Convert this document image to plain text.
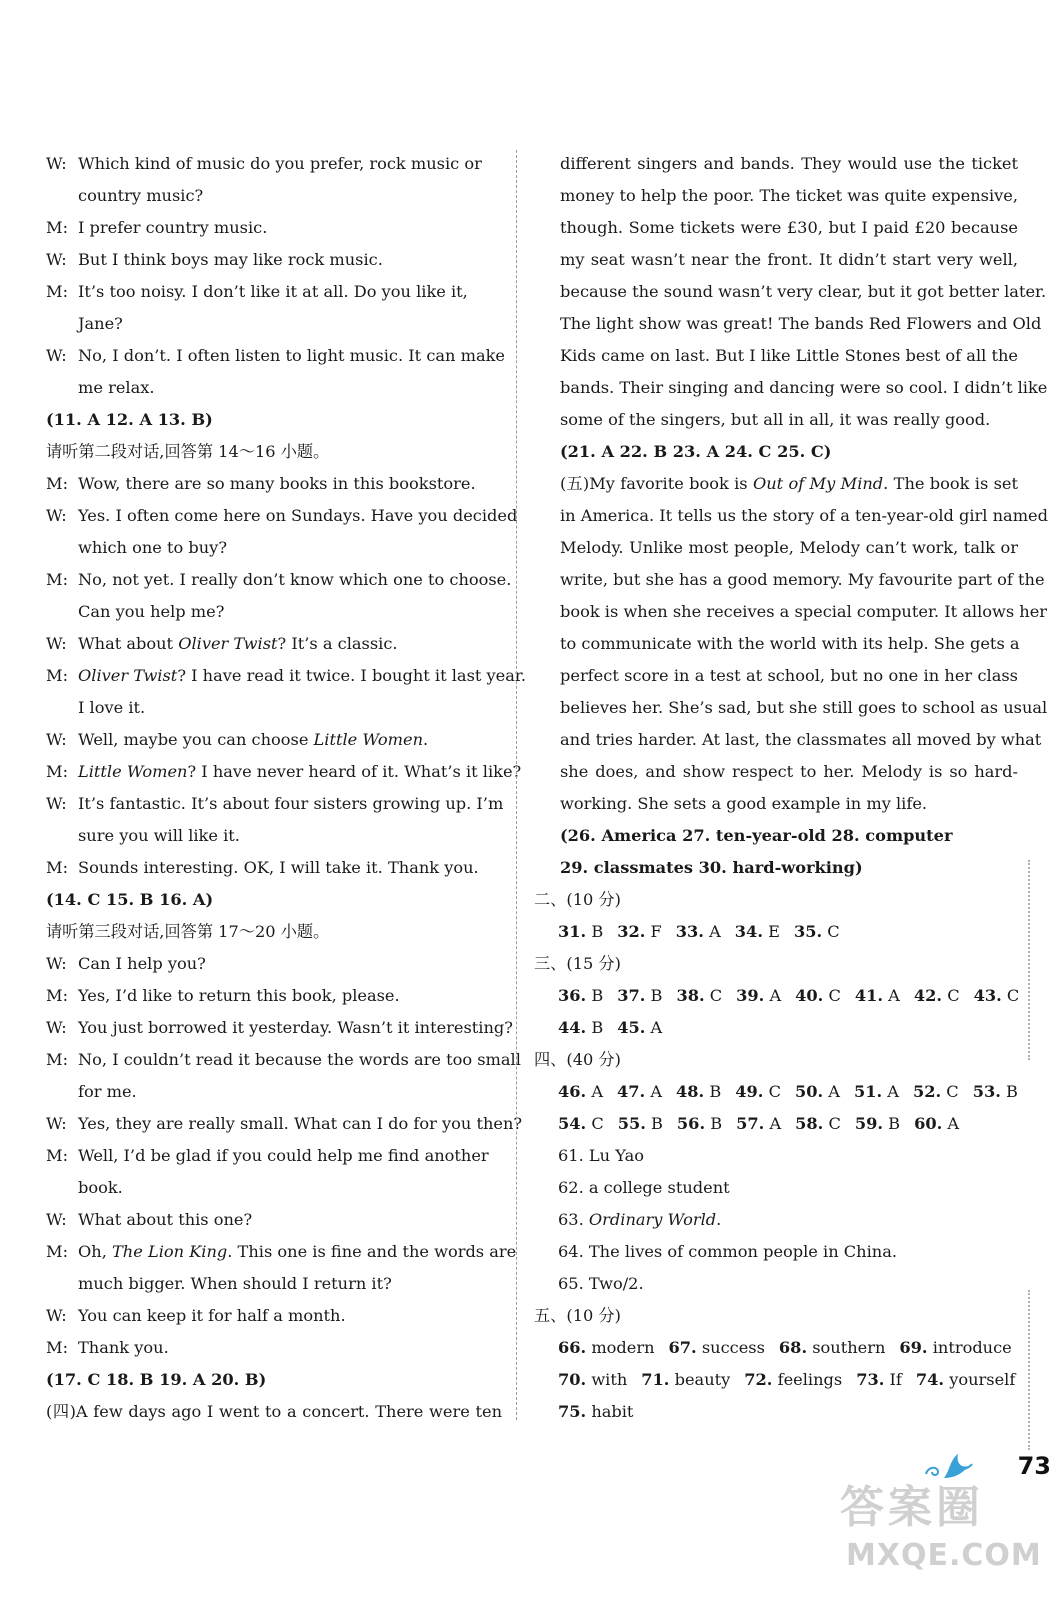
W: Which kind of music do you prefer, rock music or
country music?
M: I prefer country music.
W: But I think boys may like rock music.
M: It’s too noisy. I don’t like it at all. Do you like it,
Jane?
W: No, I don’t. I often listen to light music. It can make
me relax.
(11. A 12. A 13. B)
请听第二段对话,回答第 14～16 小题。
M: Wow, there are so many books in this bookstore.
W: Yes. I often come here on Sundays. Have you decided
which one to buy?
M: No, not yet. I really don’t know which one to choose.
Can you help me?
W: What about Oliver Twist? It’s a classic.
M: Oliver Twist? I have read it twice. I bought it last year.
I love it.
W: Well, maybe you can choose Little Women.
M: Little Women? I have never heard of it. What’s it like?
W: It’s fantastic. It’s about four sisters growing up. I’m
sure you will like it.
M: Sounds interesting. OK, I will take it. Thank you.
(14. C 15. B 16. A)
请听第三段对话,回答第 17～20 小题。
W: Can I help you?
M: Yes, I’d like to return this book, please.
W: You just borrowed it yesterday. Wasn’t it interesting?
M: No, I couldn’t read it because the words are too small
for me.
W: Yes, they are really small. What can I do for you then?
M: Well, I’d be glad if you could help me find another
book.
W: What about this one?
M: Oh, The Lion King. This one is fine and the words are
much bigger. When should I return it?
W: You can keep it for half a month.
M: Thank you.
(17. C 18. B 19. A 20. B)
(四)A few days ago I went to a concert. There were ten
different singers and bands. They would use the ticket
money to help the poor. The ticket was quite expensive,
though. Some tickets were £30, but I paid £20 because
my seat wasn’t near the front. It didn’t start very well,
because the sound wasn’t very clear, but it got better later.
The light show was great! The bands Red Flowers and Old
Kids came on last. But I like Little Stones best of all the
bands. Their singing and dancing were so cool. I didn’t like
some of the singers, but all in all, it was really good.
(21. A 22. B 23. A 24. C 25. C)
(五)My favorite book is Out of My Mind. The book is set
in America. It tells us the story of a ten-year-old girl named
Melody. Unlike most people, Melody can’t work, talk or
write, but she has a good memory. My favourite part of the
book is when she receives a special computer. It allows her
to communicate with the world with its help. She gets a
perfect score in a test at school, but no one in her class
believes her. She’s sad, but she still goes to school as usual
and tries harder. At last, the classmates all moved by what
she does, and show respect to her. Melody is so hard-
working. She sets a good example in my life.
(26. America 27. ten-year-old 28. computer
29. classmates 30. hard-working)
二、(10 分)
31. B 32. F 33. A 34. E 35. C
三、(15 分)
36. B 37. B 38. C 39. A 40. C 41. A 42. C 43. C
44. B 45. A
四、(40 分)
46. A 47. A 48. B 49. C 50. A 51. A 52. C 53. B
54. C 55. B 56. B 57. A 58. C 59. B 60. A
61. Lu Yao
62. a college student
63. Ordinary World.
64. The lives of common people in China.
65. Two/2.
五、(10 分)
66. modern 67. success 68. southern 69. introduce
70. with 71. beauty 72. feelings 73. If 74. yourself
75. habit
73
答案圈
MXQE.COM
